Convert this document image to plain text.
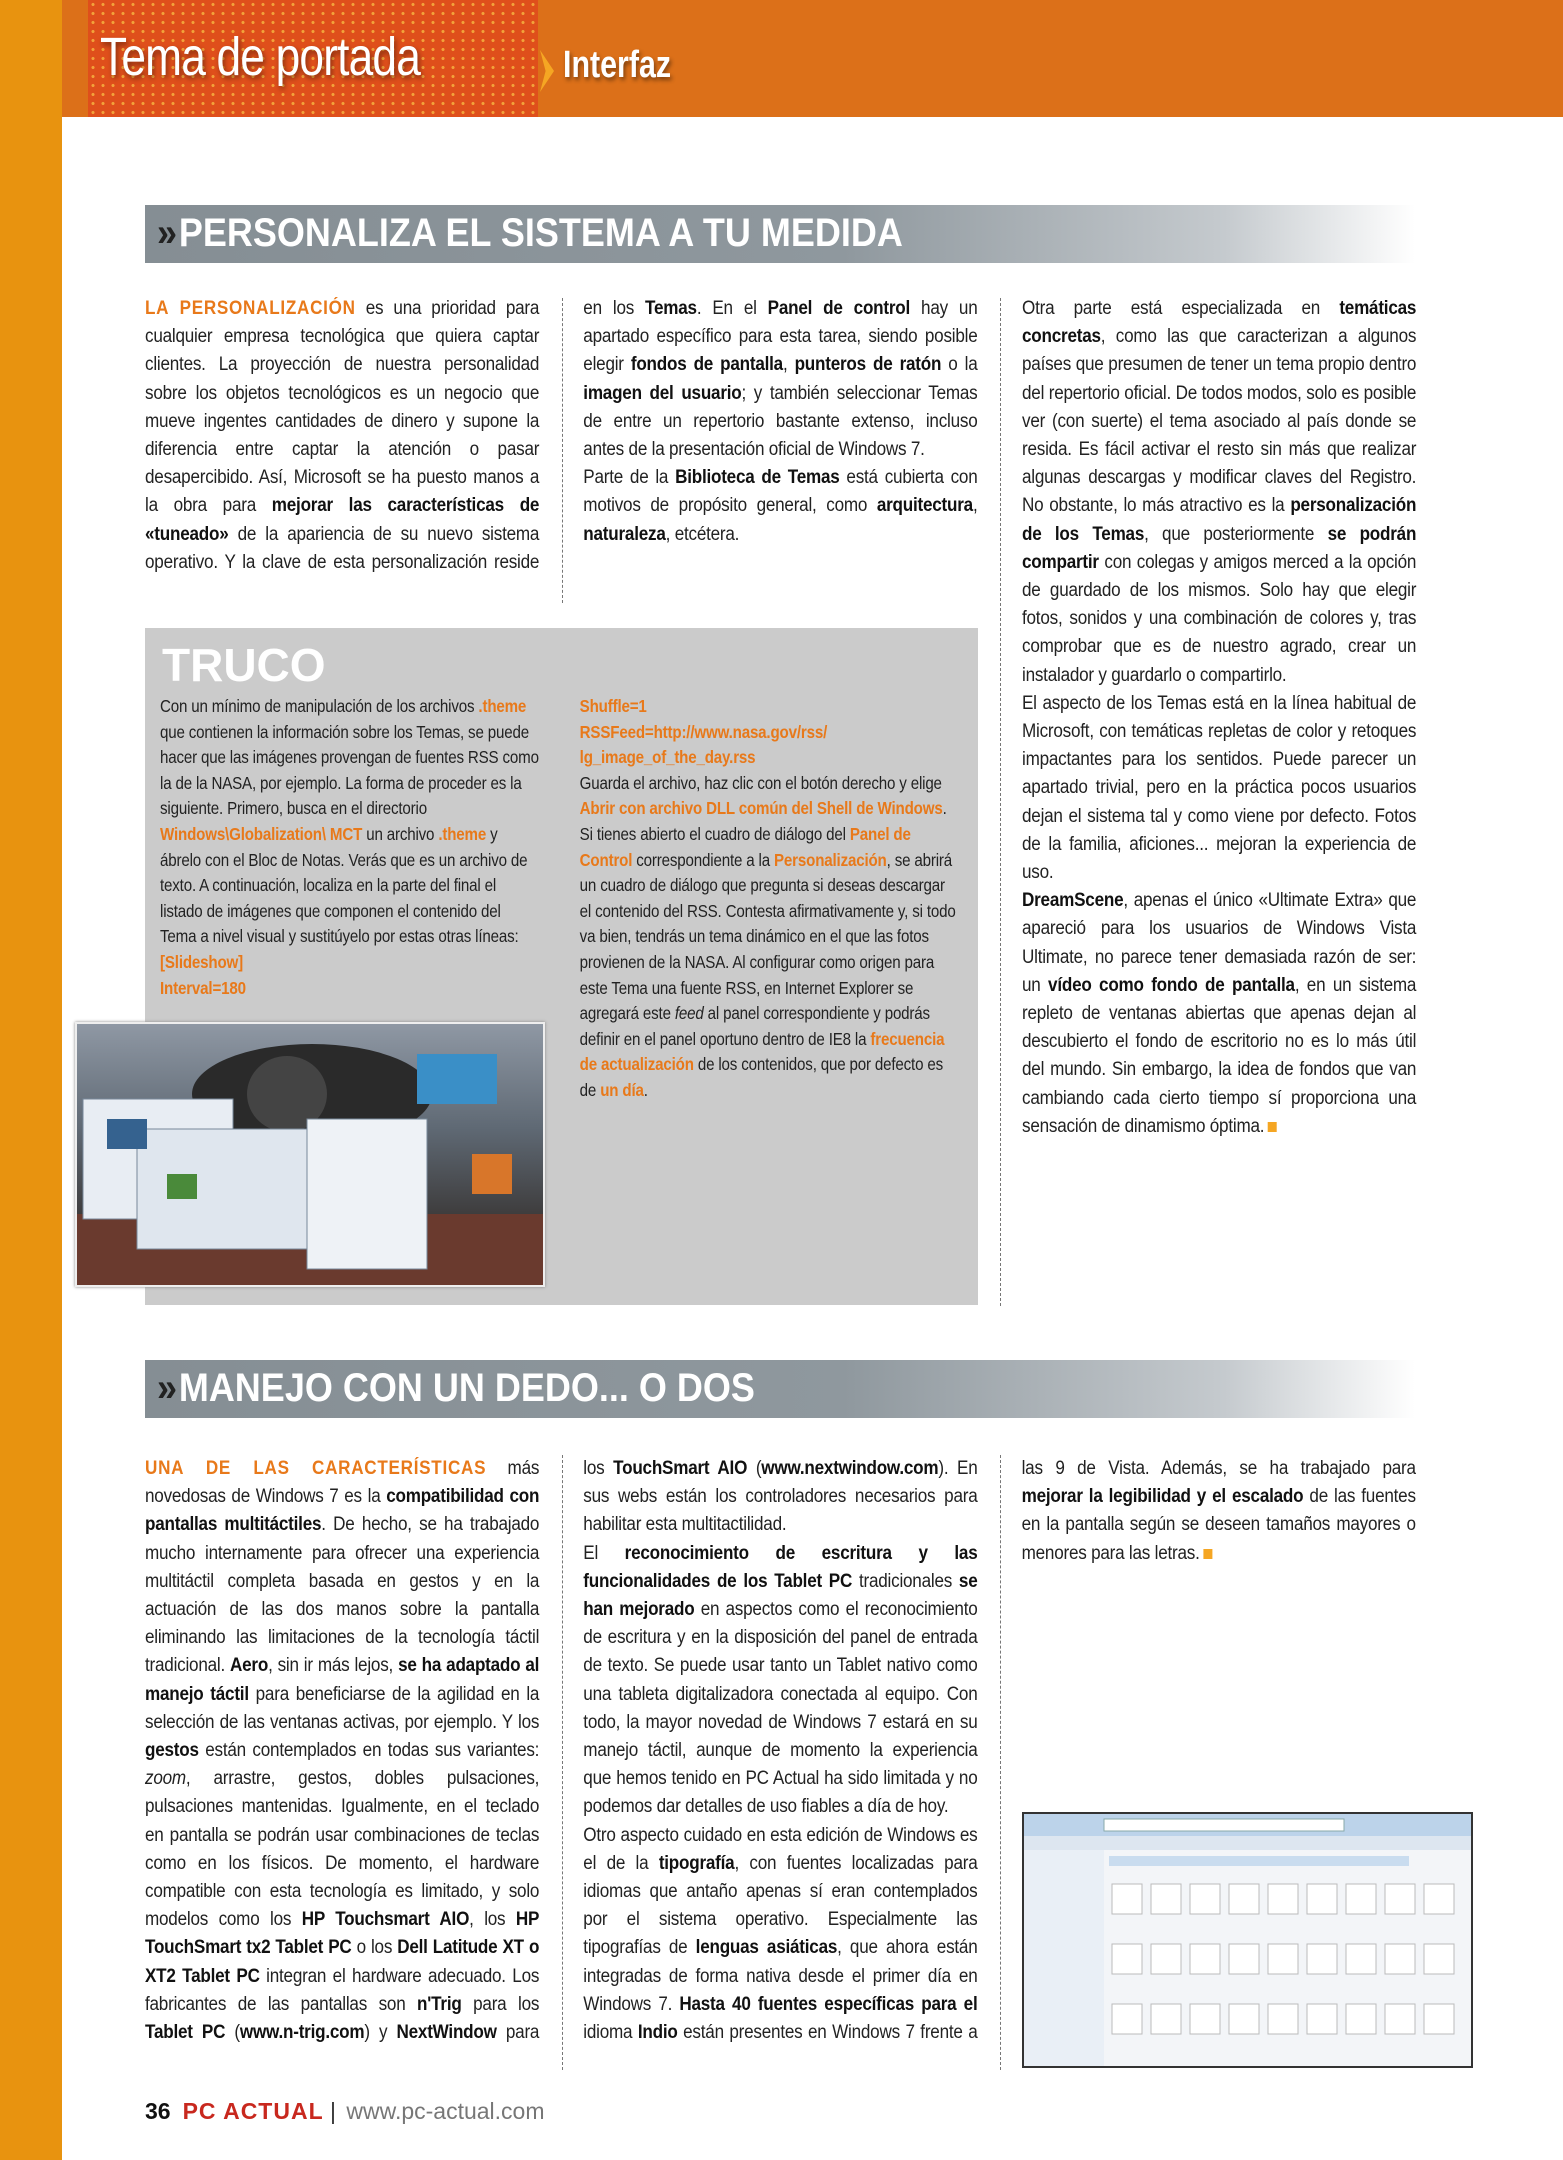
Tema de portada	Interfaz
»PERSONALIZA EL SISTEMA A TU MEDIDA

LA PERSONALIZACIÓN es una prioridad para cualquier empresa tecnológica que quiera captar clientes. La proyección de nuestra personalidad sobre los objetos tecnológicos es un negocio que mueve ingentes cantidades de dinero y supone la diferencia entre captar la atención o pasar desapercibido. Así, Microsoft se ha puesto manos a la obra para mejorar las características de «tuneado» de la apariencia de su nuevo sistema operativo. Y la clave de esta personalización reside en los Temas. En el Panel de control hay un apartado específico para esta tarea, siendo posible elegir fondos de pantalla, punteros de ratón o la imagen del usuario; y también seleccionar Temas de entre un repertorio bastante extenso, incluso antes de la presentación oficial de Windows 7.

Parte de la Biblioteca de Temas está cubierta con motivos de propósito general, como arquitectura, naturaleza, etcétera.

Otra parte está especializada en temáticas concretas, como las que caracterizan a algunos países que presumen de tener un tema propio dentro del repertorio oficial. De todos modos, solo es posible ver (con suerte) el tema asociado al país donde se resida. Es fácil activar el resto sin más que realizar algunas descargas y modificar claves del Registro. No obstante, lo más atractivo es la personalización de los Temas, que posteriormente se podrán compartir con colegas y amigos merced a la opción de guardado de los mismos. Solo hay que elegir fotos, sonidos y una combinación de colores y, tras comprobar que es de nuestro agrado, crear un instalador y guardarlo o compartirlo.

El aspecto de los Temas está en la línea habitual de Microsoft, con temáticas repletas de color y retoques impactantes para los sentidos. Puede parecer un apartado trivial, pero en la práctica pocos usuarios dejan el sistema tal y como viene por defecto. Fotos de la familia, aficiones... mejoran la experiencia de uso.

DreamScene, apenas el único «Ultimate Extra» que apareció para los usuarios de Windows Vista Ultimate, no parece tener demasiada razón de ser: un vídeo como fondo de pantalla, en un sistema repleto de ventanas abiertas que apenas dejan al descubierto el fondo de escritorio no es lo más útil del mundo. Sin embargo, la idea de fondos que van cambiando cada cierto tiempo sí proporciona una sensación de dinamismo óptima.

TRUCO

Con un mínimo de manipulación de los archivos .theme que contienen la información sobre los Temas, se puede hacer que las imágenes provengan de fuentes RSS como la de la NASA, por ejemplo. La forma de proceder es la siguiente. Primero, busca en el directorio Windows\Globalization\ MCT un archivo .theme y ábrelo con el Bloc de Notas. Verás que es un archivo de texto. A continuación, localiza en la parte del final el listado de imágenes que componen el contenido del Tema a nivel visual y sustitúyelo por estas otras líneas:

[Slideshow]

Interval=180

Shuffle=1

RSSFeed=http://www.nasa.gov/rss/ lg_image_of_the_day.rss

Guarda el archivo, haz clic con el botón derecho y elige Abrir con archivo DLL común del Shell de Windows. Si tienes abierto el cuadro de diálogo del Panel de Control correspondiente a la Personalización, se abrirá un cuadro de diálogo que pregunta si deseas descargar el contenido del RSS. Contesta afirmativamente y, si todo va bien, tendrás un tema dinámico en el que las fotos provienen de la NASA. Al configurar como origen para este Tema una fuente RSS, en Internet Explorer se agregará este feed al panel correspondiente y podrás definir en el panel oportuno dentro de IE8 la frecuencia de actualización de los contenidos, que por defecto es de un día.

»MANEJO CON UN DEDO... O DOS

UNA DE LAS CARACTERÍSTICAS más novedosas de Windows 7 es la compatibilidad con pantallas multitáctiles. De hecho, se ha trabajado mucho internamente para ofrecer una experiencia multitáctil completa basada en gestos y en la actuación de las dos manos sobre la pantalla eliminando las limitaciones de la tecnología táctil tradicional. Aero, sin ir más lejos, se ha adaptado al manejo táctil para beneficiarse de la agilidad en la selección de las ventanas activas, por ejemplo. Y los gestos están contemplados en todas sus variantes: zoom, arrastre, gestos, dobles pulsaciones, pulsaciones mantenidas. Igualmente, en el teclado en pantalla se podrán usar combinaciones de teclas como en los físicos. De momento, el hardware compatible con esta tecnología es limitado, y solo modelos como los HP Touchsmart AIO, los HP TouchSmart tx2 Tablet PC o los Dell Latitude XT o XT2 Tablet PC integran el hardware adecuado. Los fabricantes de las pantallas son n'Trig para los Tablet PC (www.n-trig.com) y NextWindow para los TouchSmart AIO (www.nextwindow.com). En sus webs están los controladores necesarios para habilitar esta multitactilidad.

El reconocimiento de escritura y las funcionalidades de los Tablet PC tradicionales se han mejorado en aspectos como el reconocimiento de escritura y en la disposición del panel de entrada de texto. Se puede usar tanto un Tablet nativo como una tableta digitalizadora conectada al equipo. Con todo, la mayor novedad de Windows 7 estará en su manejo táctil, aunque de momento la experiencia que hemos tenido en PC Actual ha sido limitada y no podemos dar detalles de uso fiables a día de hoy.

Otro aspecto cuidado en esta edición de Windows es el de la tipografía, con fuentes localizadas para idiomas que antaño apenas sí eran contemplados por el sistema operativo. Especialmente las tipografías de lenguas asiáticas, que ahora están integradas de forma nativa desde el primer día en Windows 7. Hasta 40 fuentes específicas para el idioma Indio están presentes en Windows 7 frente a las 9 de Vista. Además, se ha trabajado para mejorar la legibilidad y el escalado de las fuentes en la pantalla según se deseen tamaños mayores o menores para las letras.

36 PC ACTUAL | www.pc-actual.com
